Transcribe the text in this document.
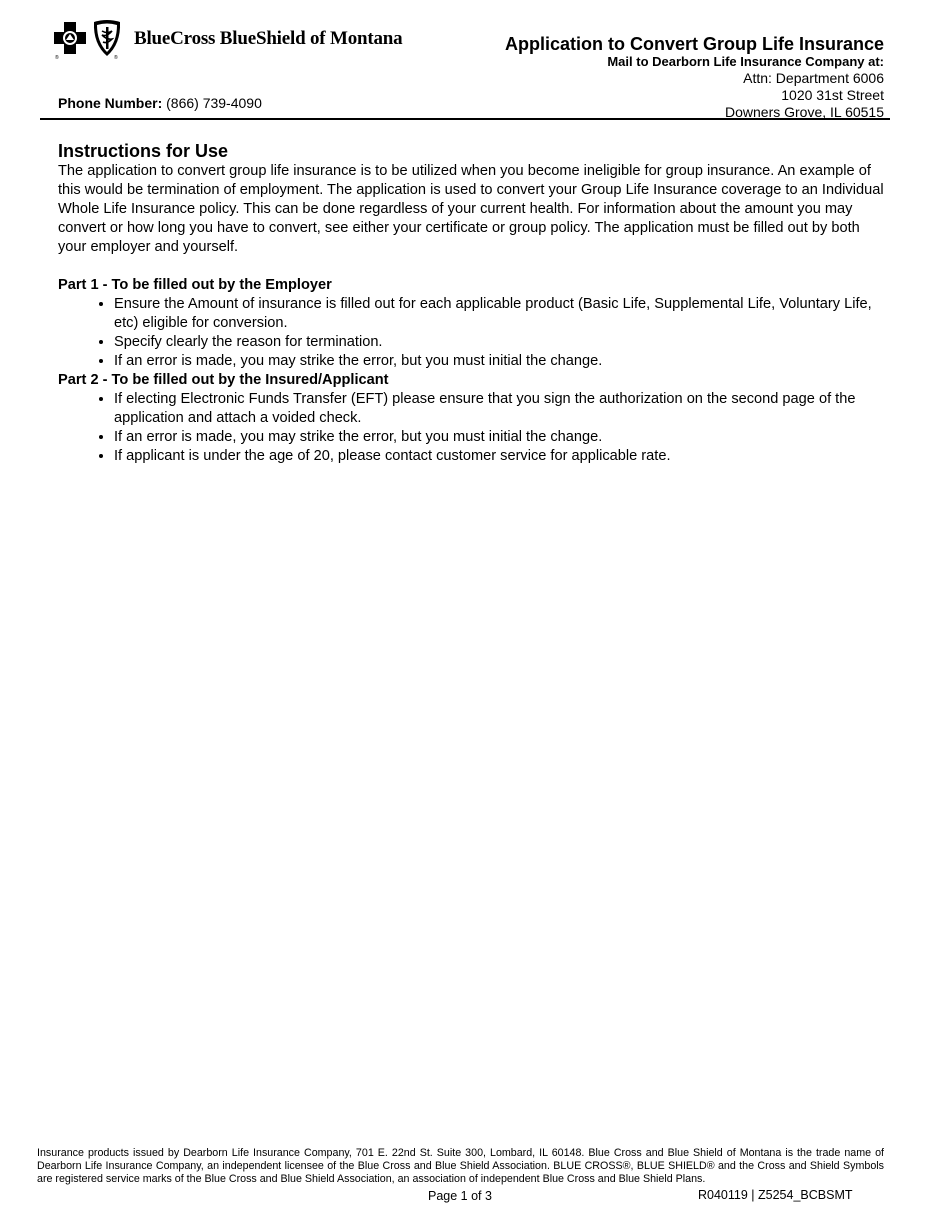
®	®
BlueCross BlueShield of Montana
Phone Number: (866) 739-4090
Application to Convert Group Life Insurance
Mail to Dearborn Life Insurance Company at:
Attn: Department 6006
1020 31st Street
Downers Grove, IL 60515
Instructions for Use

The application to convert group life insurance is to be utilized when you become ineligible for group insurance. An example of this would be termination of employment. The application is used to convert your Group Life Insurance coverage to an Individual Whole Life Insurance policy. This can be done regardless of your current health. For information about the amount you may convert or how long you have to convert, see either your certificate or group policy. The application must be filled out by both your employer and yourself.

Part 1 - To be filled out by the Employer

• Ensure the Amount of insurance is filled out for each applicable product (Basic Life, Supplemental Life, Voluntary Life, etc) eligible for conversion.
• Specify clearly the reason for termination.
• If an error is made, you may strike the error, but you must initial the change.

Part 2 - To be filled out by the Insured/Applicant

• If electing Electronic Funds Transfer (EFT) please ensure that you sign the authorization on the second page of the application and attach a voided check.
• If an error is made, you may strike the error, but you must initial the change.
• If applicant is under the age of 20, please contact customer service for applicable rate.
Insurance products issued by Dearborn Life Insurance Company, 701 E. 22nd St. Suite 300, Lombard, IL 60148. Blue Cross and Blue Shield of Montana is the trade name of Dearborn Life Insurance Company, an independent licensee of the Blue Cross and Blue Shield Association. BLUE CROSS®, BLUE SHIELD® and the Cross and Shield Symbols are registered service marks of the Blue Cross and Blue Shield Association, an association of independent Blue Cross and Blue Shield Plans.
Page 1 of 3	R040119 | Z5254_BCBSMT
